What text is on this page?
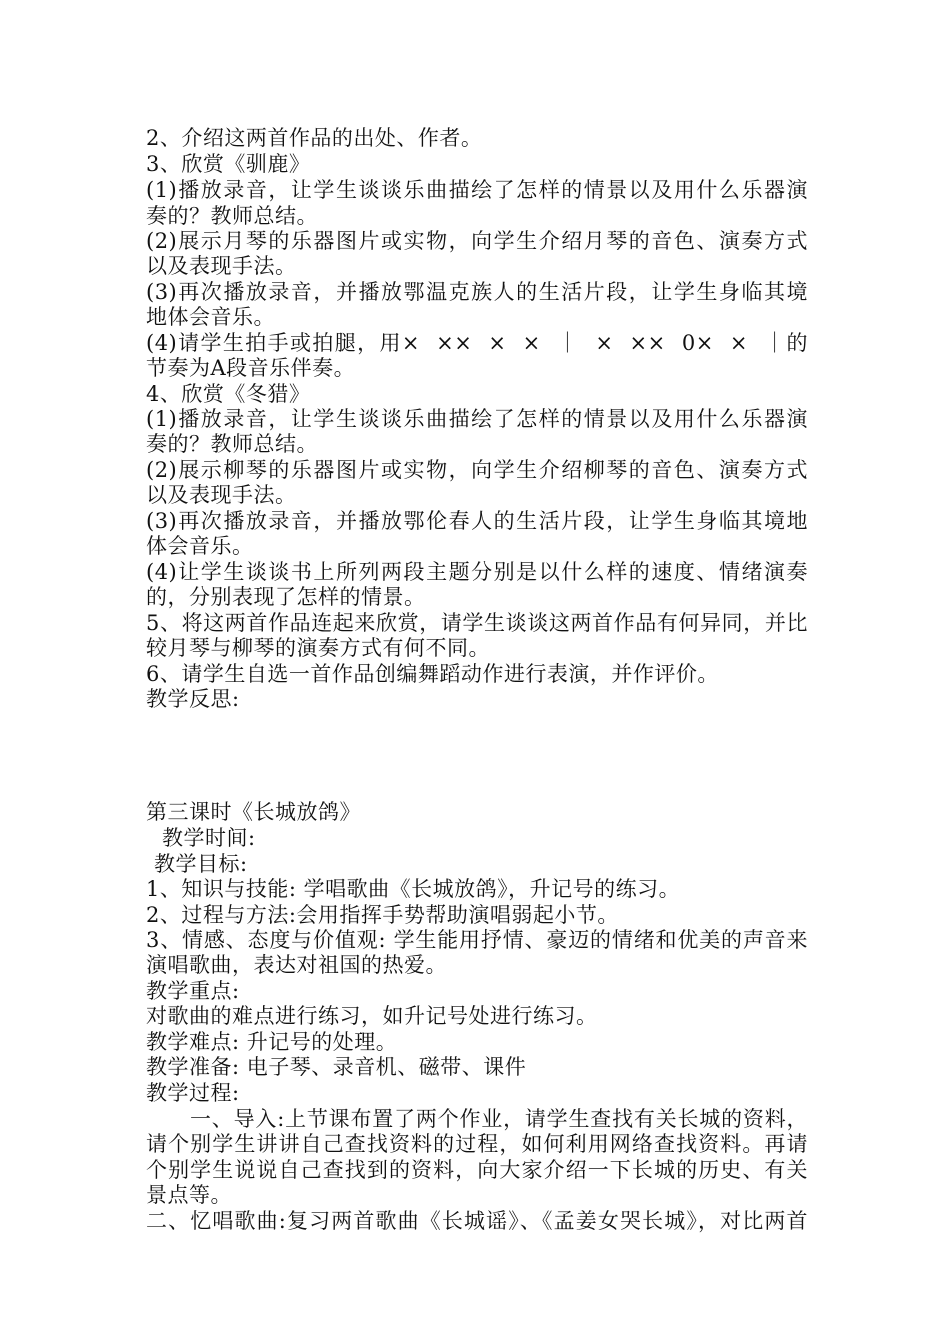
2、介绍这两首作品的出处、作者。
3、欣赏《驯鹿》
(1)播放录音，让学生谈谈乐曲描绘了怎样的情景以及用什么乐器演
奏的？教师总结。
(2)展示月琴的乐器图片或实物，向学生介绍月琴的音色、演奏方式
以及表现手法。
(3)再次播放录音，并播放鄂温克族人的生活片段，让学生身临其境
地体会音乐。
(4)请学生拍手或拍腿，用×  ××  ×  ×  ｜  ×  ××  0×  ×  ｜的
节奏为A段音乐伴奏。
4、欣赏《冬猎》
(1)播放录音，让学生谈谈乐曲描绘了怎样的情景以及用什么乐器演
奏的？教师总结。
(2)展示柳琴的乐器图片或实物，向学生介绍柳琴的音色、演奏方式
以及表现手法。
(3)再次播放录音，并播放鄂伦春人的生活片段，让学生身临其境地
体会音乐。
(4)让学生谈谈书上所列两段主题分别是以什么样的速度、情绪演奏
的，分别表现了怎样的情景。
5、将这两首作品连起来欣赏，请学生谈谈这两首作品有何异同，并比
较月琴与柳琴的演奏方式有何不同。
6、请学生自选一首作品创编舞蹈动作进行表演，并作评价。
教学反思:
第三课时《长城放鸽》
教学时间:
教学目标:
1、知识与技能: 学唱歌曲《长城放鸽》，升记号的练习。
2、过程与方法:会用指挥手势帮助演唱弱起小节。
3、情感、态度与价值观: 学生能用抒情、豪迈的情绪和优美的声音来
演唱歌曲，表达对祖国的热爱。
教学重点:
对歌曲的难点进行练习，如升记号处进行练习。
教学难点: 升记号的处理。
教学准备: 电子琴、录音机、磁带、课件
教学过程:
一、导入:上节课布置了两个作业，请学生查找有关长城的资料，
请个别学生讲讲自己查找资料的过程，如何利用网络查找资料。再请
个别学生说说自己查找到的资料，向大家介绍一下长城的历史、有关
景点等。
二、忆唱歌曲:复习两首歌曲《长城谣》、《孟姜女哭长城》，对比两首
